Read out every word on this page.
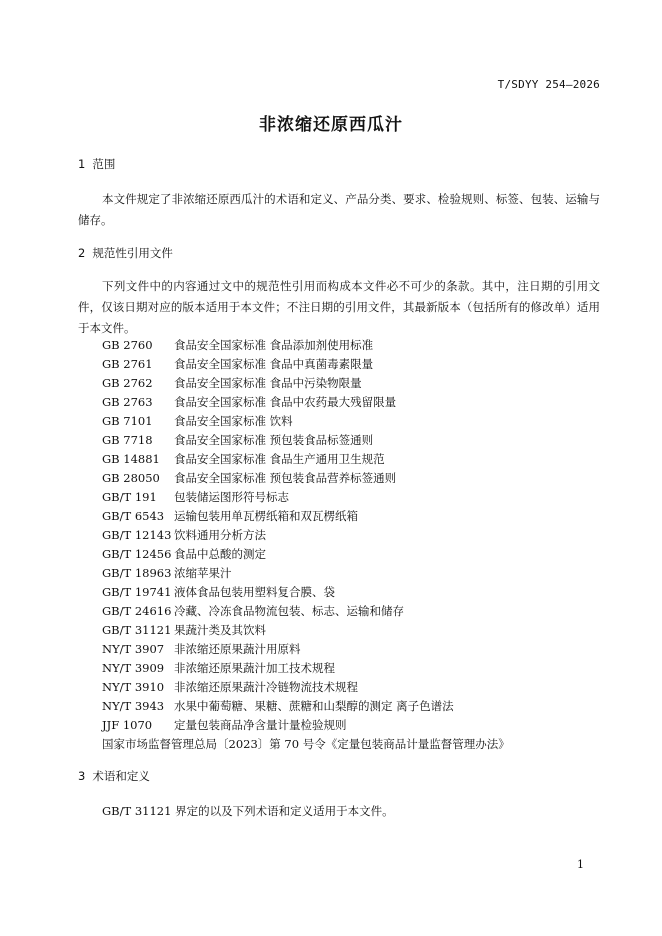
T/SDYY 254—2026
非浓缩还原西瓜汁
1 范围
本文件规定了非浓缩还原西瓜汁的术语和定义、产品分类、要求、检验规则、标签、包装、运输与储存。
2 规范性引用文件
下列文件中的内容通过文中的规范性引用而构成本文件必不可少的条款。其中，注日期的引用文件，仅该日期对应的版本适用于本文件；不注日期的引用文件，其最新版本（包括所有的修改单）适用于本文件。
GB 2760	食品安全国家标准 食品添加剂使用标准
GB 2761	食品安全国家标准 食品中真菌毒素限量
GB 2762	食品安全国家标准 食品中污染物限量
GB 2763	食品安全国家标准 食品中农药最大残留限量
GB 7101	食品安全国家标准 饮料
GB 7718	食品安全国家标准 预包装食品标签通则
GB 14881	食品安全国家标准 食品生产通用卫生规范
GB 28050	食品安全国家标准 预包装食品营养标签通则
GB/T 191	包装储运图形符号标志
GB/T 6543 运输包装用单瓦楞纸箱和双瓦楞纸箱
GB/T 12143 饮料通用分析方法
GB/T 12456 食品中总酸的测定
GB/T 18963 浓缩苹果汁
GB/T 19741 液体食品包装用塑料复合膜、袋
GB/T 24616 冷藏、冷冻食品物流包装、标志、运输和储存
GB/T 31121 果蔬汁类及其饮料
NY/T 3907 非浓缩还原果蔬汁用原料
NY/T 3909 非浓缩还原果蔬汁加工技术规程
NY/T 3910 非浓缩还原果蔬汁冷链物流技术规程
NY/T 3943 水果中葡萄糖、果糖、蔗糖和山梨醇的测定 离子色谱法
JJF 1070	定量包装商品净含量计量检验规则
国家市场监督管理总局〔2023〕第 70 号令《定量包装商品计量监督管理办法》
3 术语和定义
GB/T 31121 界定的以及下列术语和定义适用于本文件。
1
